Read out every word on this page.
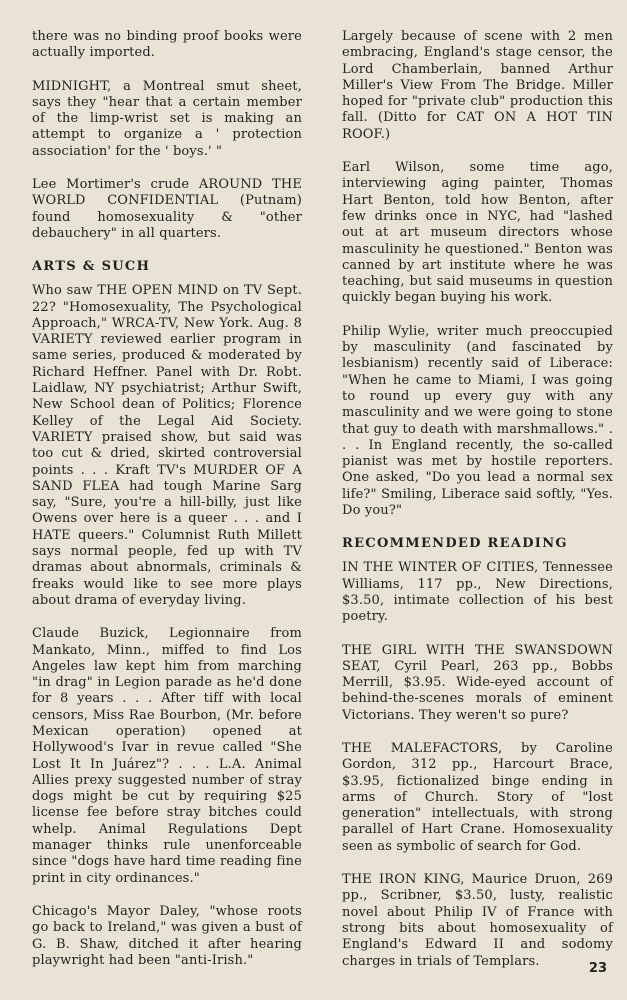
there was no binding proof books were actually imported.

MIDNIGHT, a Montreal smut sheet, says they "hear that a certain member of the limp-wrist set is making an attempt to organize a ' protection association' for the ' boys.' "

Lee Mortimer's crude AROUND THE WORLD CONFIDENTIAL (Putnam) found homosexuality & "other debauchery" in all quarters.

ARTS & SUCH

Who saw THE OPEN MIND on TV Sept. 22? "Homosexuality, The Psychological Approach," WRCA-TV, New York. Aug. 8 VARIETY reviewed earlier program in same series, produced & moderated by Richard Heffner. Panel with Dr. Robt. Laidlaw, NY psychiatrist; Arthur Swift, New School dean of Politics; Florence Kelley of the Legal Aid Society. VARIETY praised show, but said was too cut & dried, skirted controversial points . . . Kraft TV's MURDER OF A SAND FLEA had tough Marine Sarg say, "Sure, you're a hill-billy, just like Owens over here is a queer . . . and I HATE queers." Columnist Ruth Millett says normal people, fed up with TV dramas about abnormals, criminals & freaks would like to see more plays about drama of everyday living.

Claude Buzick, Legionnaire from Mankato, Minn., miffed to find Los Angeles law kept him from marching "in drag" in Legion parade as he'd done for 8 years . . . After tiff with local censors, Miss Rae Bourbon, (Mr. before Mexican operation) opened at Hollywood's Ivar in revue called "She Lost It In Juárez"? . . . L.A. Animal Allies prexy suggested number of stray dogs might be cut by requiring $25 license fee before stray bitches could whelp. Animal Regulations Dept manager thinks rule unenforceable since "dogs have hard time reading fine print in city ordinances."

Chicago's Mayor Daley, "whose roots go back to Ireland," was given a bust of G. B. Shaw, ditched it after hearing playwright had been "anti-Irish."

Largely because of scene with 2 men embracing, England's stage censor, the Lord Chamberlain, banned Arthur Miller's View From The Bridge. Miller hoped for "private club" production this fall. (Ditto for CAT ON A HOT TIN ROOF.)

Earl Wilson, some time ago, interviewing aging painter, Thomas Hart Benton, told how Benton, after few drinks once in NYC, had "lashed out at art museum directors whose masculinity he questioned." Benton was canned by art institute where he was teaching, but said museums in question quickly began buying his work.

Philip Wylie, writer much preoccupied by masculinity (and fascinated by lesbianism) recently said of Liberace: "When he came to Miami, I was going to round up every guy with any masculinity and we were going to stone that guy to death with marshmallows." . . . In England recently, the so-called pianist was met by hostile reporters. One asked, "Do you lead a normal sex life?" Smiling, Liberace said softly, "Yes. Do you?"

RECOMMENDED READING

IN THE WINTER OF CITIES, Tennessee Williams, 117 pp., New Directions, $3.50, intimate collection of his best poetry.

THE GIRL WITH THE SWANSDOWN SEAT, Cyril Pearl, 263 pp., Bobbs Merrill, $3.95. Wide-eyed account of behind-the-scenes morals of eminent Victorians. They weren't so pure?

THE MALEFACTORS, by Caroline Gordon, 312 pp., Harcourt Brace, $3.95, fictionalized binge ending in arms of Church. Story of "lost generation" intellectuals, with strong parallel of Hart Crane. Homosexuality seen as symbolic of search for God.

THE IRON KING, Maurice Druon, 269 pp., Scribner, $3.50, lusty, realistic novel about Philip IV of France with strong bits about homosexuality of England's Edward II and sodomy charges in trials of Templars.	23
